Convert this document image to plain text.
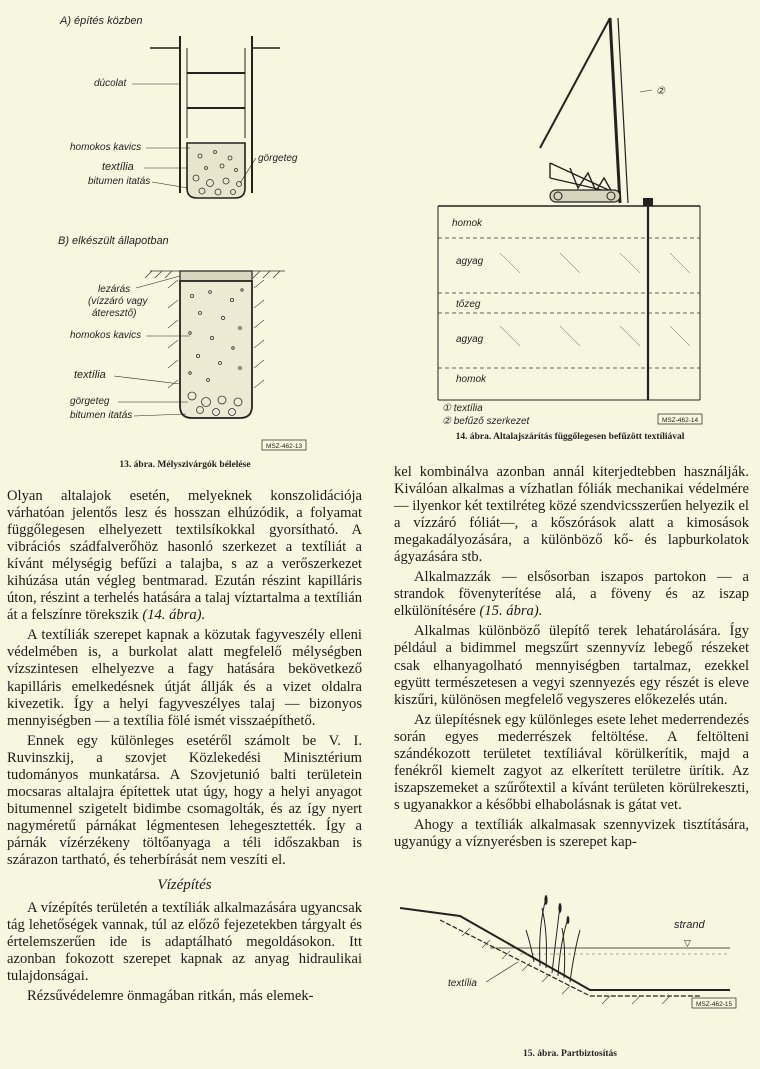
A) építés közben
dúcolat
homokos kavics
textília
bitumen itatás
görgeteg
B) elkészült állapotban
lezárás
(vízzáró vagy
áteresztő)
homokos kavics
textília
görgeteg
bitumen itatás
MSZ-462-13
13. ábra. Mélyszivárgók bélelése
②
homok
agyag
tőzeg
agyag
homok
① textília
② befűző szerkezet	MSZ-462-14
14. ábra. Altalajszárítás függőlegesen befűzött textíliával

Olyan altalajok esetén, melyeknek konszolidációja várhatóan jelentős lesz és hosszan elhúzódik, a folyamat függőlegesen elhelyezett textilsíkokkal gyorsítható. A vibrációs szádfalverőhöz hasonló szerkezet a textíliát a kívánt mélységig befűzi a talajba, s az a verőszerkezet kihúzása után végleg bentmarad. Ezután részint kapilláris úton, részint a terhelés hatására a talaj víztartalma a textílián át a felszínre törekszik (14. ábra).

A textíliák szerepet kapnak a közutak fagyveszély elleni védelmében is, a burkolat alatt megfelelő mélységben vízszintesen elhelyezve a fagy hatására bekövetkező kapilláris emelkedésnek útját állják és a vizet oldalra kivezetik. Így a helyi fagyveszélyes talaj — bizonyos mennyiségben — a textília fölé ismét visszaépíthető.

Ennek egy különleges esetéről számolt be V. I. Ruvinszkij, a szovjet Közlekedési Minisztérium tudományos munkatársa. A Szovjetunió balti területein mocsaras altalajra építettek utat úgy, hogy a helyi anyagot bitumennel szigetelt bidimbe csomagolták, és az így nyert nagyméretű párnákat légmentesen lehegesztették. Így a párnák vízérzékeny töltőanyaga a téli időszakban is szárazon tartható, és teherbírását nem veszíti el.

Vízépítés

A vízépítés területén a textíliák alkalmazására ugyancsak tág lehetőségek vannak, túl az előző fejezetekben tárgyalt és értelemszerűen ide is adaptálható megoldásokon. Itt azonban fokozott szerepet kapnak az anyag hidraulikai tulajdonságai.

Rézsűvédelemre önmagában ritkán, más elemek-

kel kombinálva azonban annál kiterjedtebben használják. Kiválóan alkalmas a vízhatlan fóliák mechanikai védelmére — ilyenkor két textilréteg közé szendvicsszerűen helyezik el a vízzáró fóliát—, a kőszórások alatt a kimosások megakadályozására, a különböző kő- és lapburkolatok ágyazására stb.

Alkalmazzák — elsősorban iszapos partokon — a strandok fövenyterítése alá, a föveny és az iszap elkülönítésére (15. ábra).

Alkalmas különböző ülepítő terek lehatárolására. Így például a bidimmel megszűrt szennyvíz lebegő részeket csak elhanyagolható mennyiségben tartalmaz, ezekkel együtt természetesen a vegyi szennyezés egy részét is eleve kiszűri, különösen megfelelő vegyszeres előkezelés után.

Az ülepítésnek egy különleges esete lehet mederrendezés során egyes mederrészek feltöltése. A feltölteni szándékozott területet textíliával körülkerítik, majd a fenékről kiemelt zagyot az elkerített területre ürítik. Az iszapszemeket a szűrőtextil a kívánt területen körülrekeszti, s ugyanakkor a későbbi elhabolásnak is gátat vet.

Ahogy a textíliák alkalmasak szennyvizek tisztítására, ugyanúgy a víznyerésben is szerepet kap-

▽
strand
textília
MSZ-462-15
15. ábra. Partbiztosítás
